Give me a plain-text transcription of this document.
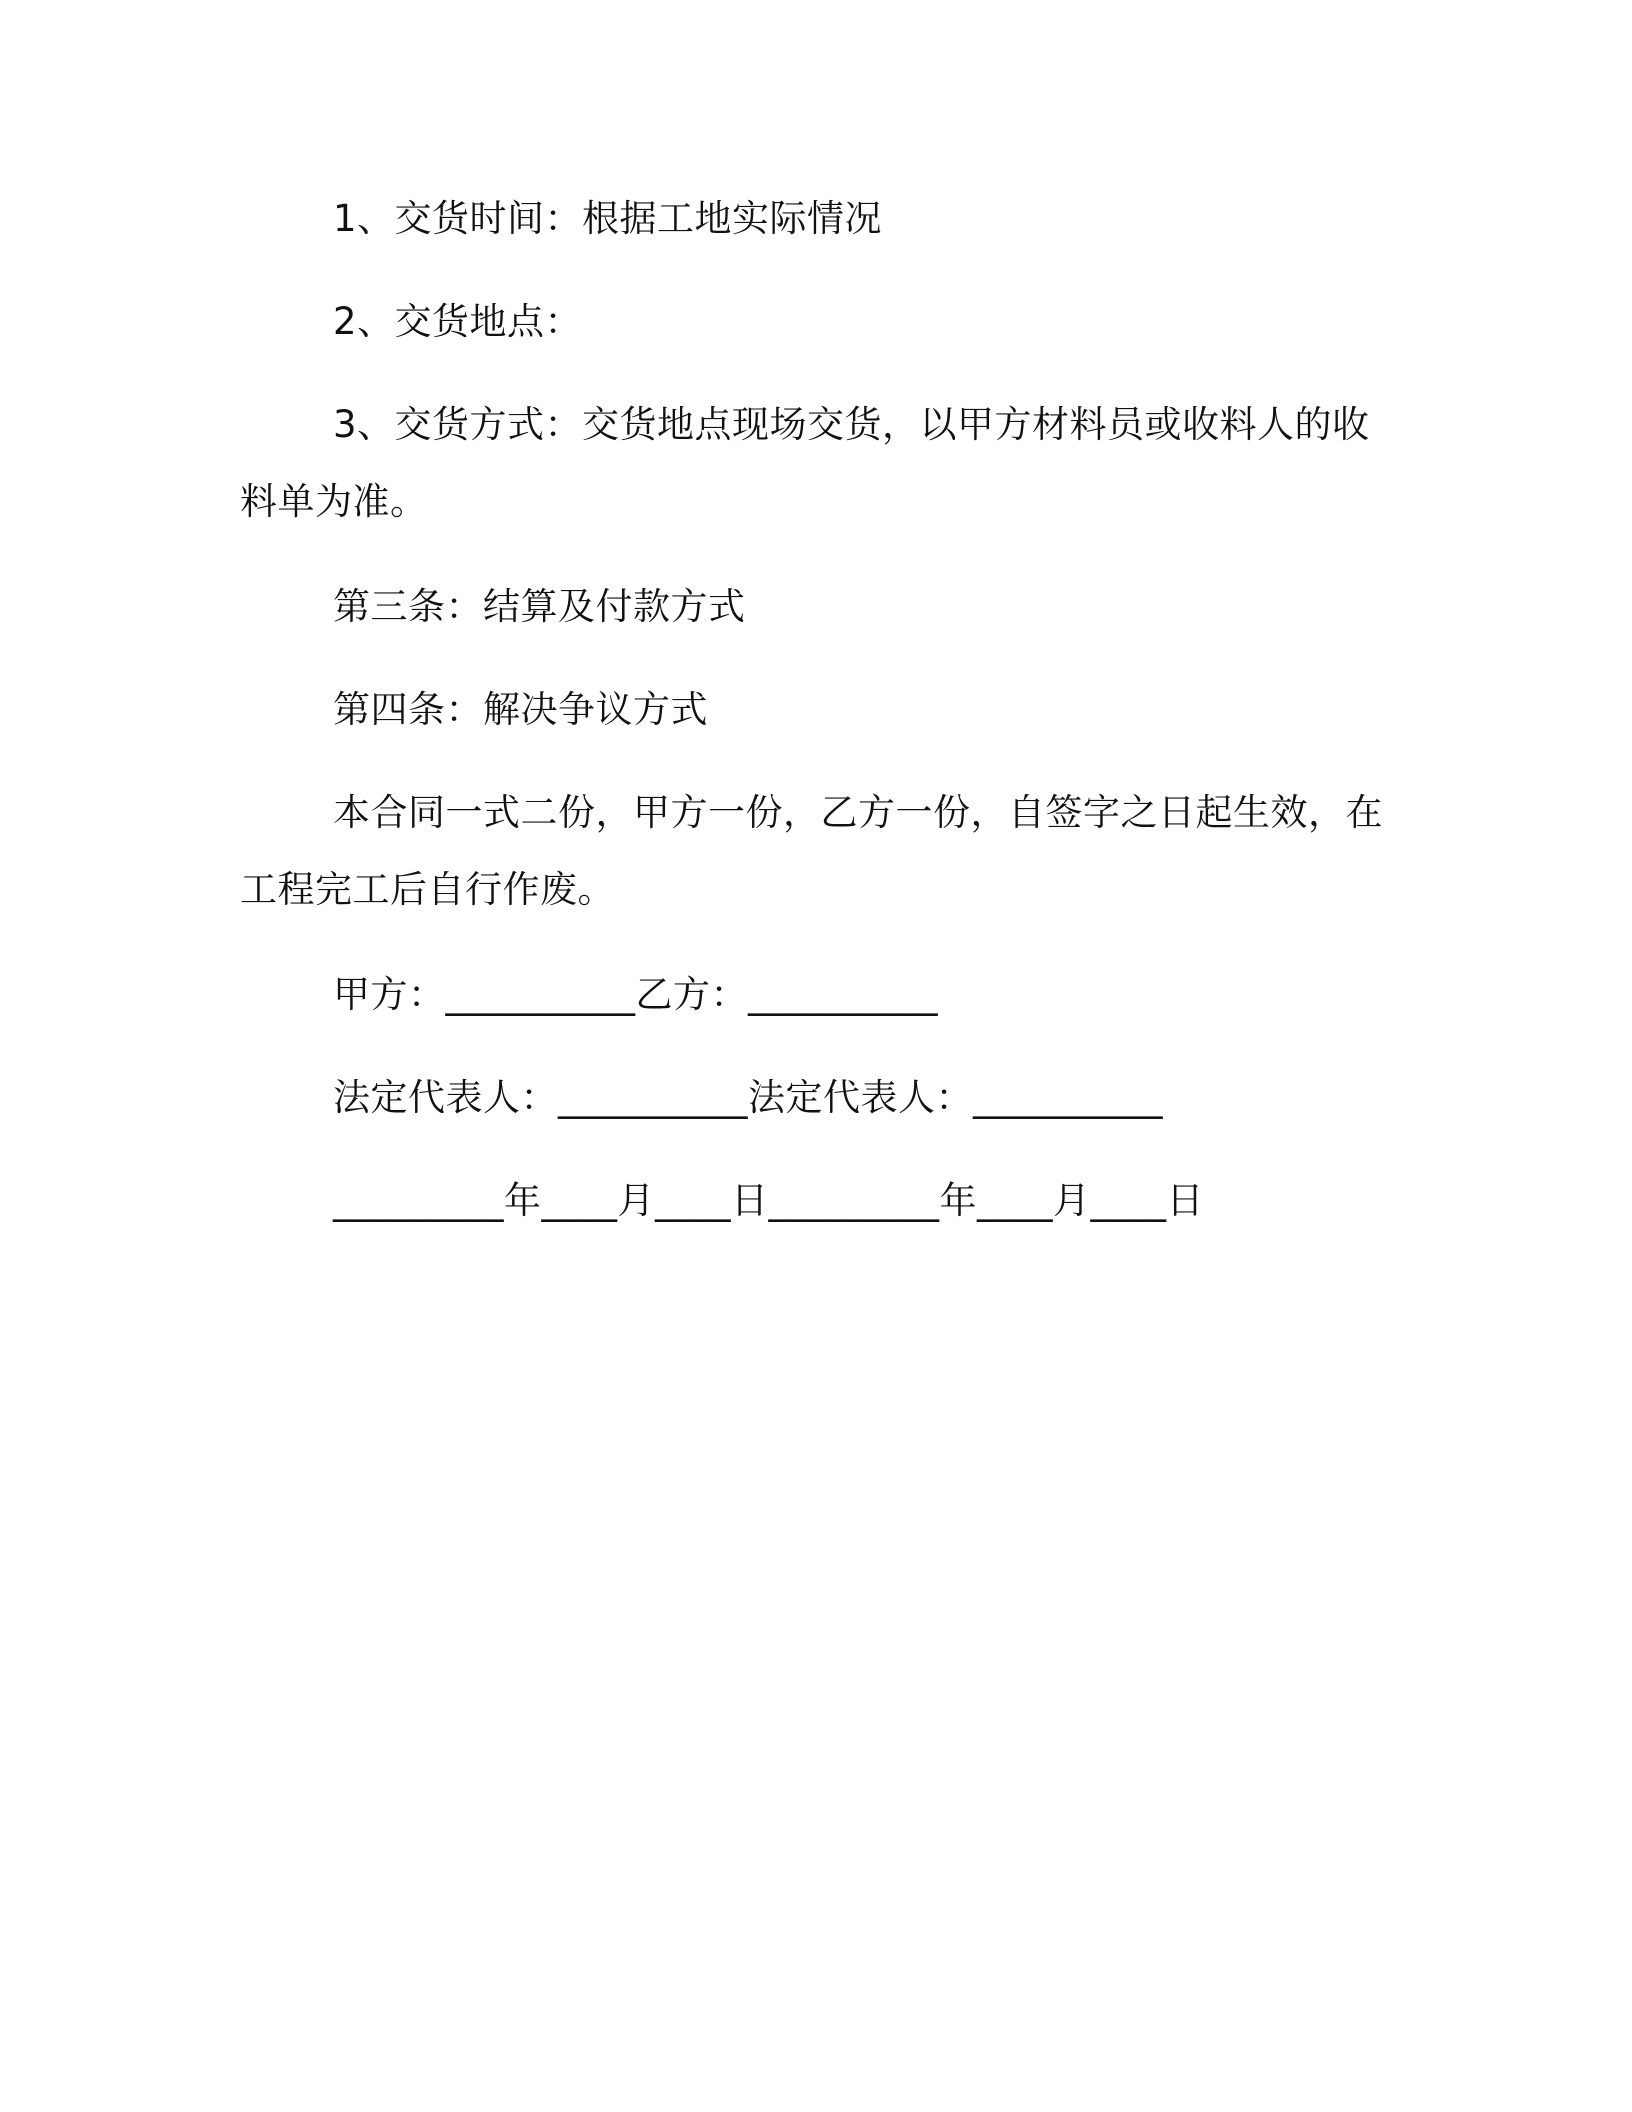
1、交货时间：根据工地实际情况
2、交货地点：
3、交货方式：交货地点现场交货，以甲方材料员或收料人的收
料单为准。
第三条：结算及付款方式
第四条：解决争议方式
本合同一式二份，甲方一份，乙方一份，自签字之日起生效，在
工程完工后自行作废。
甲方：__________乙方：__________
法定代表人：__________法定代表人：__________
_________年____月____日_________年____月____日
